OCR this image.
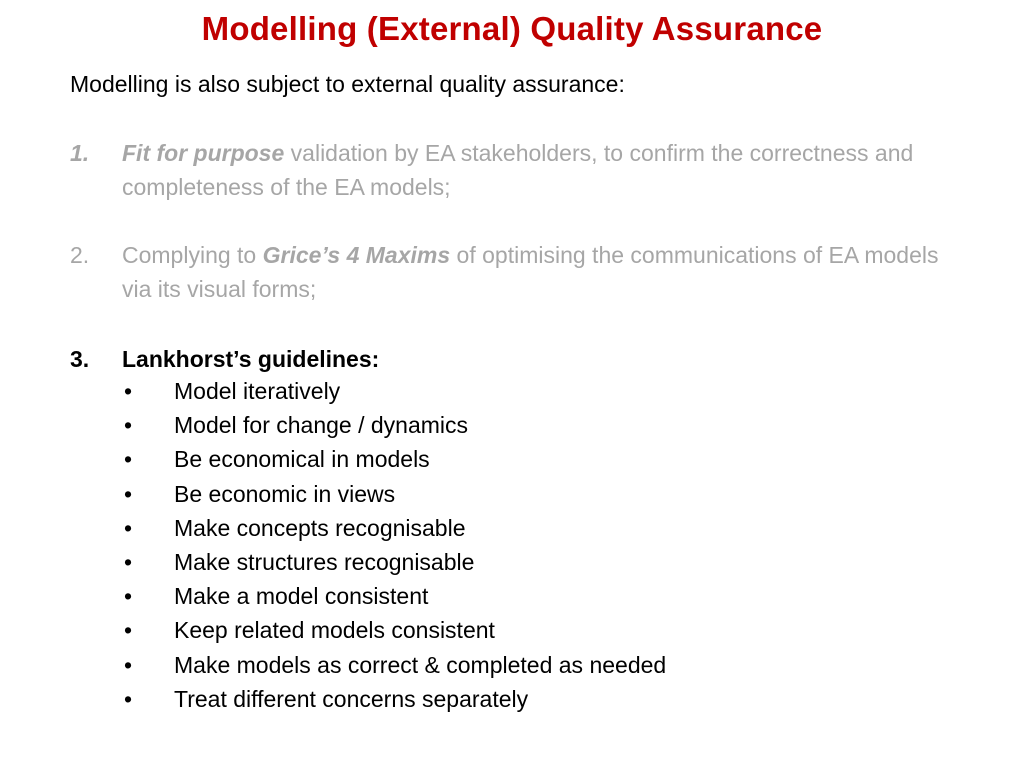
Modelling (External) Quality Assurance
Modelling is also subject to external quality assurance:
1.	Fit for purpose validation by EA stakeholders, to confirm the correctness and completeness of the EA models;
2.	Complying to Grice’s 4 Maxims of optimising the communications of EA models via its visual forms;
3.	Lankhorst’s guidelines:
• Model iteratively
• Model for change / dynamics
• Be economical in models
• Be economic in views
• Make concepts recognisable
• Make structures recognisable
• Make a model consistent
• Keep related models consistent
• Make models as correct & completed as needed
• Treat different concerns separately
